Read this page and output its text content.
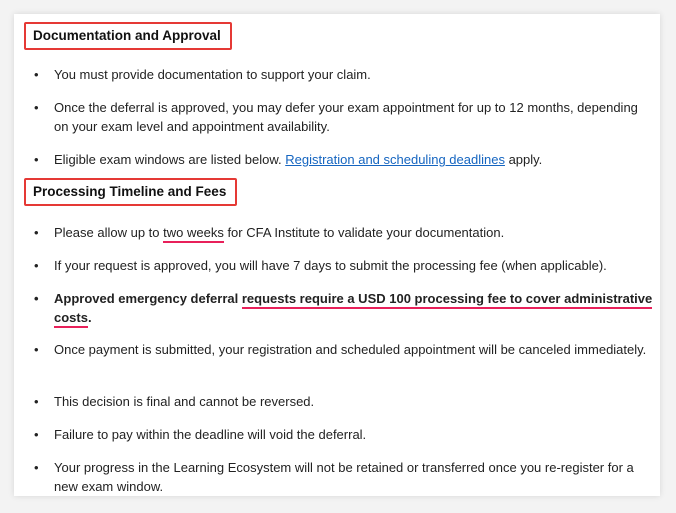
Documentation and Approval
• You must provide documentation to support your claim.
• Once the deferral is approved, you may defer your exam appointment for up to 12 months, depending on your exam level and appointment availability.
• Eligible exam windows are listed below. Registration and scheduling deadlines apply.
Processing Timeline and Fees
• Please allow up to two weeks for CFA Institute to validate your documentation.
• If your request is approved, you will have 7 days to submit the processing fee (when applicable).
• Approved emergency deferral requests require a USD 100 processing fee to cover administrative
costs.
• Once payment is submitted, your registration and scheduled appointment will be canceled immediately.
• This decision is final and cannot be reversed.
• Failure to pay within the deadline will void the deferral.
• Your progress in the Learning Ecosystem will not be retained or transferred once you re-register for a new exam window.
